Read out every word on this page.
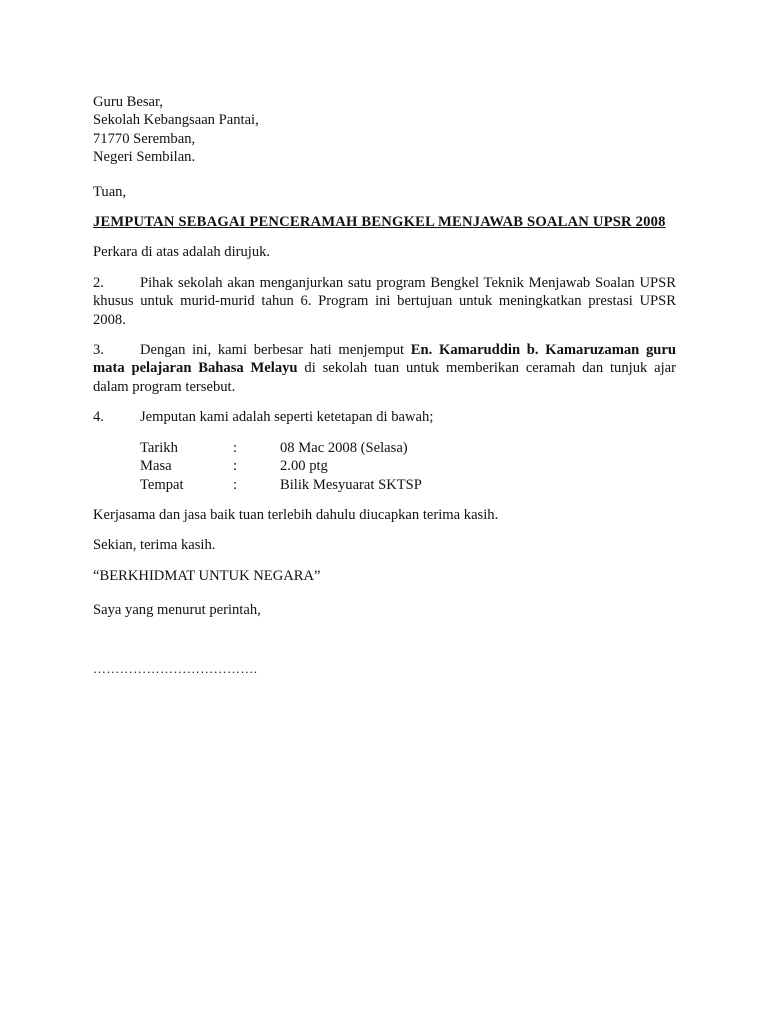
Guru Besar,
Sekolah Kebangsaan Pantai,
71770 Seremban,
Negeri Sembilan.
Tuan,
JEMPUTAN SEBAGAI PENCERAMAH BENGKEL MENJAWAB SOALAN UPSR 2008
Perkara di atas adalah dirujuk.
2. Pihak sekolah akan menganjurkan satu program Bengkel Teknik Menjawab Soalan UPSR khusus untuk murid-murid tahun 6. Program ini bertujuan untuk meningkatkan prestasi UPSR 2008.
3. Dengan ini, kami berbesar hati menjemput En. Kamaruddin b. Kamaruzaman guru mata pelajaran Bahasa Melayu di sekolah tuan untuk memberikan ceramah dan tunjuk ajar dalam program tersebut.
4. Jemputan kami adalah seperti ketetapan di bawah;
Tarikh	:	08 Mac 2008 (Selasa)
Masa	:	2.00 ptg
Tempat	:	Bilik Mesyuarat SKTSP
Kerjasama dan jasa baik tuan terlebih dahulu diucapkan terima kasih.
Sekian, terima kasih.
“BERKHIDMAT UNTUK NEGARA”
Saya yang menurut perintah,
……………………………….
